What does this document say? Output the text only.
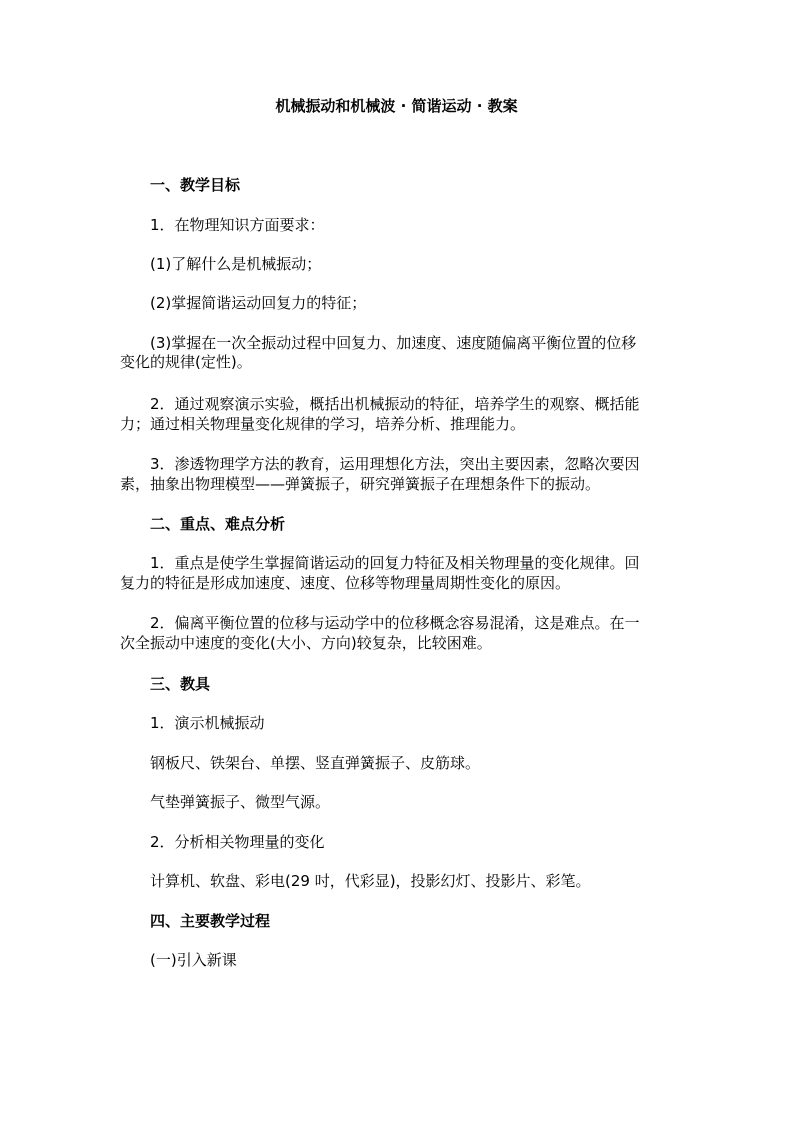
机械振动和机械波 · 简谐运动 · 教案
一、教学目标
1．在物理知识方面要求：
(1)了解什么是机械振动；
(2)掌握简谐运动回复力的特征；
(3)掌握在一次全振动过程中回复力、加速度、速度随偏离平衡位置的位移
变化的规律(定性)。
2．通过观察演示实验，概括出机械振动的特征，培养学生的观察、概括能
力；通过相关物理量变化规律的学习，培养分析、推理能力。
3．渗透物理学方法的教育，运用理想化方法，突出主要因素，忽略次要因
素，抽象出物理模型——弹簧振子，研究弹簧振子在理想条件下的振动。
二、重点、难点分析
1．重点是使学生掌握简谐运动的回复力特征及相关物理量的变化规律。回
复力的特征是形成加速度、速度、位移等物理量周期性变化的原因。
2．偏离平衡位置的位移与运动学中的位移概念容易混淆，这是难点。在一
次全振动中速度的变化(大小、方向)较复杂，比较困难。
三、教具
1．演示机械振动
钢板尺、铁架台、单摆、竖直弹簧振子、皮筋球。
气垫弹簧振子、微型气源。
2．分析相关物理量的变化
计算机、软盘、彩电(29 吋，代彩显)，投影幻灯、投影片、彩笔。
四、主要教学过程
(一)引入新课
